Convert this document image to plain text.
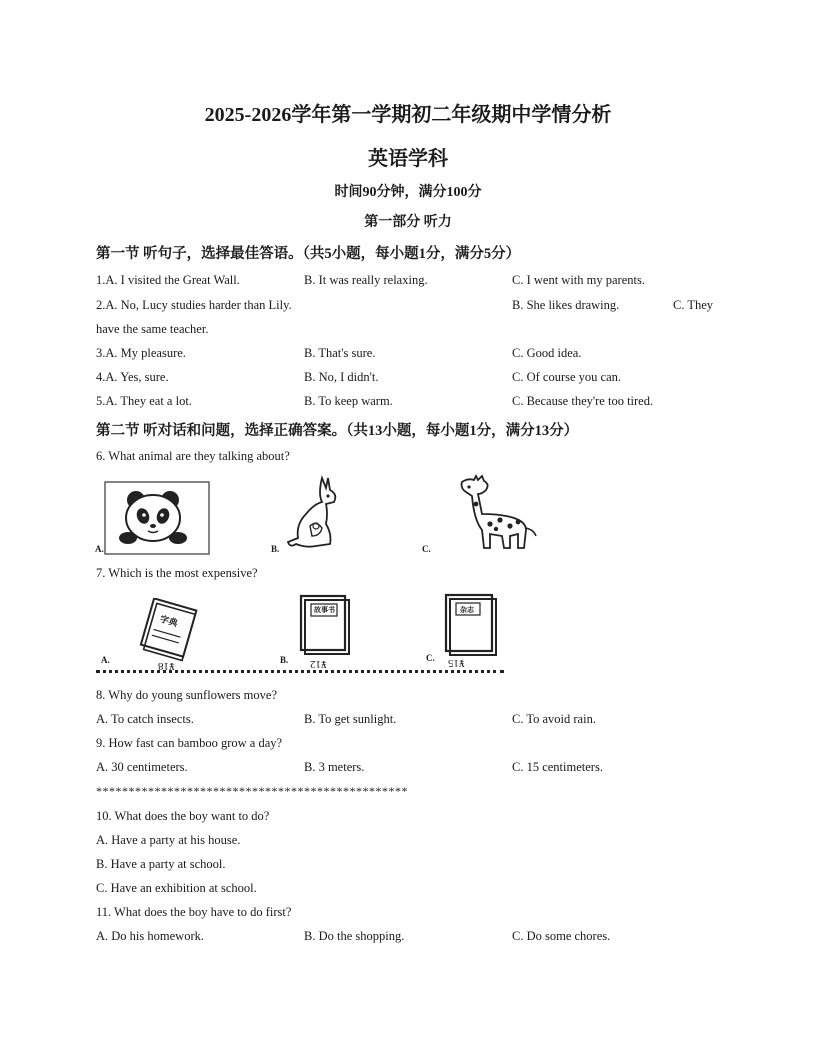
2025-2026学年第一学期初二年级期中学情分析
英语学科
时间90分钟，满分100分
第一部分 听力
第一节 听句子，选择最佳答语。（共5小题，每小题1分，满分5分）
1.A. I visited the Great Wall.	B. It was really relaxing.	C. I went with my parents.
2.A. No, Lucy studies harder than Lily.	B. She likes drawing.	C. They
have the same teacher.
3.A. My pleasure.	B. That's sure.	C. Good idea.
4.A. Yes, sure.	B. No, I didn't.	C. Of course you can.
5.A. They eat a lot.	B. To keep warm.	C. Because they're too tired.
第二节 听对话和问题，选择正确答案。（共13小题，每小题1分，满分13分）
6. What animal are they talking about?
A.	B.	C.
7. Which is the most expensive?
字典
A.	¥18
故事书
B. ¥12
杂志
C. ¥15
8. Why do young sunflowers move?
A. To catch insects.	B. To get sunlight.	C. To avoid rain.
9. How fast can bamboo grow a day?
A. 30 centimeters.	B. 3 meters.	C. 15 centimeters.
************************************************
10. What does the boy want to do?
A. Have a party at his house.
B. Have a party at school.
C. Have an exhibition at school.
11. What does the boy have to do first?
A. Do his homework.	B. Do the shopping.	C. Do some chores.
